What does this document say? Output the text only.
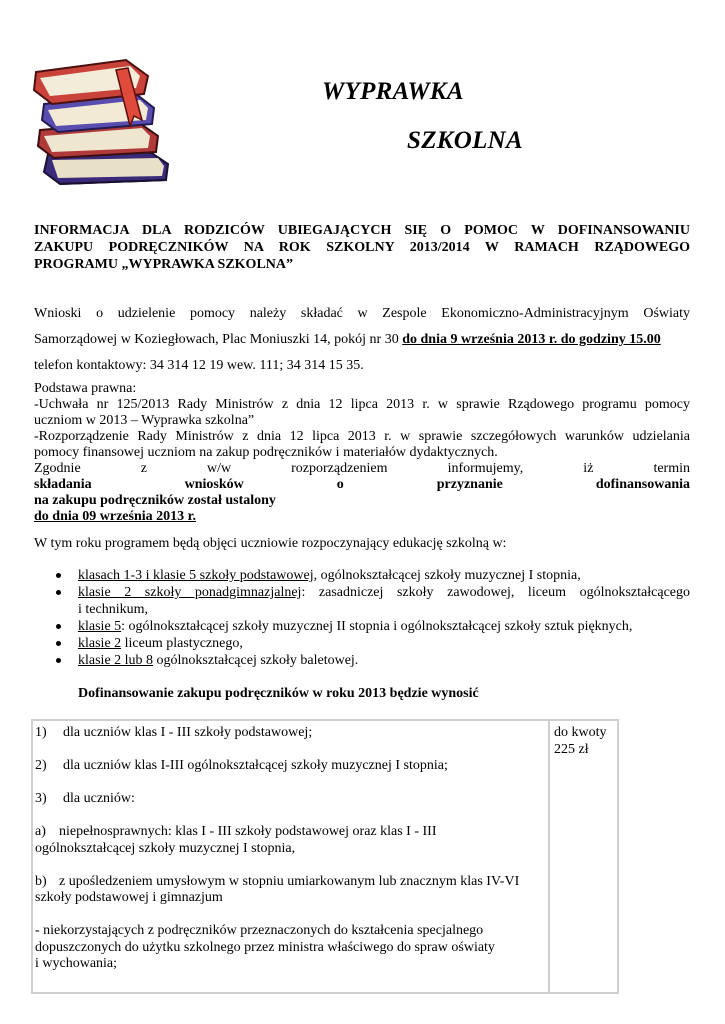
WYPRAWKA
SZKOLNA
INFORMACJA DLA RODZICÓW UBIEGAJĄCYCH SIĘ O POMOC W DOFINANSOWANIU
ZAKUPU PODRĘCZNIKÓW NA ROK SZKOLNY 2013/2014 W RAMACH RZĄDOWEGO
PROGRAMU „WYPRAWKA SZKOLNA”
Wnioski o udzielenie pomocy należy składać w Zespole Ekonomiczno-Administracyjnym Oświaty
Samorządowej w Koziegłowach, Plac Moniuszki 14, pokój nr 30 do dnia 9 września 2013 r. do godziny 15.00
telefon kontaktowy: 34 314 12 19 wew. 111; 34 314 15 35.
Podstawa prawna:
-Uchwała nr 125/2013 Rady Ministrów z dnia 12 lipca 2013 r. w sprawie Rządowego programu pomocy
uczniom w 2013 – Wyprawka szkolna”
-Rozporządzenie Rady Ministrów z dnia 12 lipca 2013 r. w sprawie szczegółowych warunków udzielania
pomocy finansowej uczniom na zakup podręczników i materiałów dydaktycznych.
Zgodnie z w/w rozporządzeniem informujemy, iż termin
składania wniosków o przyznanie dofinansowania
na zakupu podręczników został ustalony
do dnia 09 września 2013 r.
W tym roku programem będą objęci uczniowie rozpoczynający edukację szkolną w:
klasach 1-3 i klasie 5 szkoły podstawowej, ogólnokształcącej szkoły muzycznej I stopnia,
klasie 2 szkoły ponadgimnazjalnej: zasadniczej szkoły zawodowej, liceum ogólnokształcącego
i technikum,
klasie 5: ogólnokształcącej szkoły muzycznej II stopnia i ogólnokształcącej szkoły sztuk pięknych,
klasie 2 liceum plastycznego,
klasie 2 lub 8 ogólnokształcącej szkoły baletowej.
Dofinansowanie zakupu podręczników w roku 2013 będzie wynosić
1) dla uczniów klas I - III szkoły podstawowej;
2) dla uczniów klas I-III ogólnokształcącej szkoły muzycznej I stopnia;
3) dla uczniów:
a) niepełnosprawnych: klas I - III szkoły podstawowej oraz klas I - III
ogólnokształcącej szkoły muzycznej I stopnia,
b) z upośledzeniem umysłowym w stopniu umiarkowanym lub znacznym klas IV-VI
szkoły podstawowej i gimnazjum
- niekorzystających z podręczników przeznaczonych do kształcenia specjalnego
dopuszczonych do użytku szkolnego przez ministra właściwego do spraw oświaty
i wychowania;
do kwoty
225 zł
